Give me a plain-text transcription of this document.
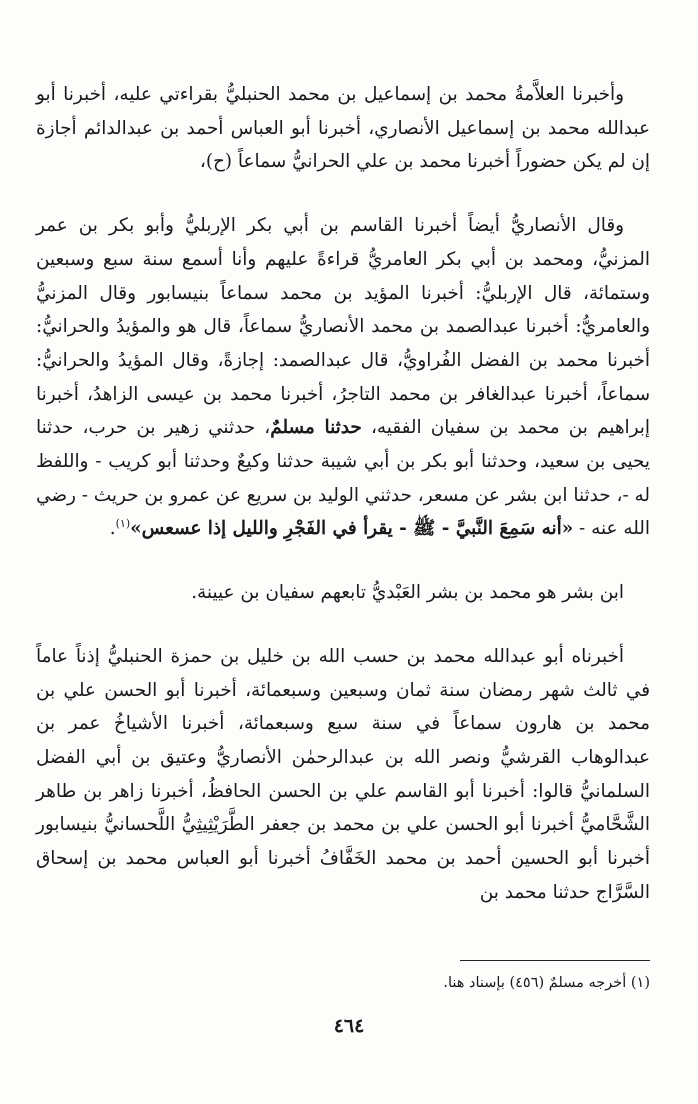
وأخبرنا العلاَّمةُ محمد بن إسماعيل بن محمد الحنبليُّ بقراءتي عليه، أخبرنا أبو عبدالله محمد بن إسماعيل الأنصاري، أخبرنا أبو العباس أحمد بن عبدالدائم أجازة إن لم يكن حضوراً أخبرنا محمد بن علي الحرانيُّ سماعاً (ح)،

وقال الأنصاريُّ أيضاً أخبرنا القاسم بن أبي بكر الإربليُّ وأبو بكر بن عمر المزنيُّ، ومحمد بن أبي بكر العامريُّ قراءةً عليهم وأنا أسمع سنة سبع وسبعين وستمائة، قال الإربليُّ: أخبرنا المؤيد بن محمد سماعاً بنيسابور وقال المزنيُّ والعامريُّ: أخبرنا عبدالصمد بن محمد الأنصاريُّ سماعاً، قال هو والمؤيدُ والحرانيُّ: أخبرنا محمد بن الفضل الفُراويُّ، قال عبدالصمد: إجازةً، وقال المؤيدُ والحرانيُّ: سماعاً، أخبرنا عبدالغافر بن محمد التاجرُ، أخبرنا محمد بن عيسى الزاهدُ، أخبرنا إبراهيم بن محمد بن سفيان الفقيه، حدثنا مسلمٌ، حدثني زهير بن حرب، حدثنا يحيى بن سعيد، وحدثنا أبو بكر بن أبي شيبة حدثنا وكيعٌ وحدثنا أبو كريب - واللفظ له -، حدثنا ابن بشر عن مسعر، حدثني الوليد بن سريع عن عمرو بن حريث - رضي الله عنه - «أنه سَمِعَ النَّبيَّ - ﷺ - يقرأ في الفَجْرِ والليل إذا عسعس»$^{(١)}$.

ابن بشر هو محمد بن بشر العَبْديُّ تابعهم سفيان بن عيينة.

أخبرناه أبو عبدالله محمد بن حسب الله بن خليل بن حمزة الحنبليُّ إذناً عاماً في ثالث شهر رمضان سنة ثمان وسبعين وسبعمائة، أخبرنا أبو الحسن علي بن محمد بن هارون سماعاً في سنة سبع وسبعمائة، أخبرنا الأشياخُ عمر بن عبدالوهاب القرشيُّ ونصر الله بن عبدالرحمٰن الأنصاريُّ وعتيق بن أبي الفضل السلمانيُّ قالوا: أخبرنا أبو القاسم علي بن الحسن الحافظُ، أخبرنا زاهر بن طاهر الشَّحَّاميُّ أخبرنا أبو الحسن علي بن محمد بن جعفر الطَّرَيْثِيثِيُّ اللَّحسانيُّ بنيسابور أخبرنا أبو الحسين أحمد بن محمد الخَفَّافُ أخبرنا أبو العباس محمد بن إسحاق السَّرَّاج حدثنا محمد بن

(١) أخرجه مسلمٌ (٤٥٦) بإسناد هنا.

٤٦٤
